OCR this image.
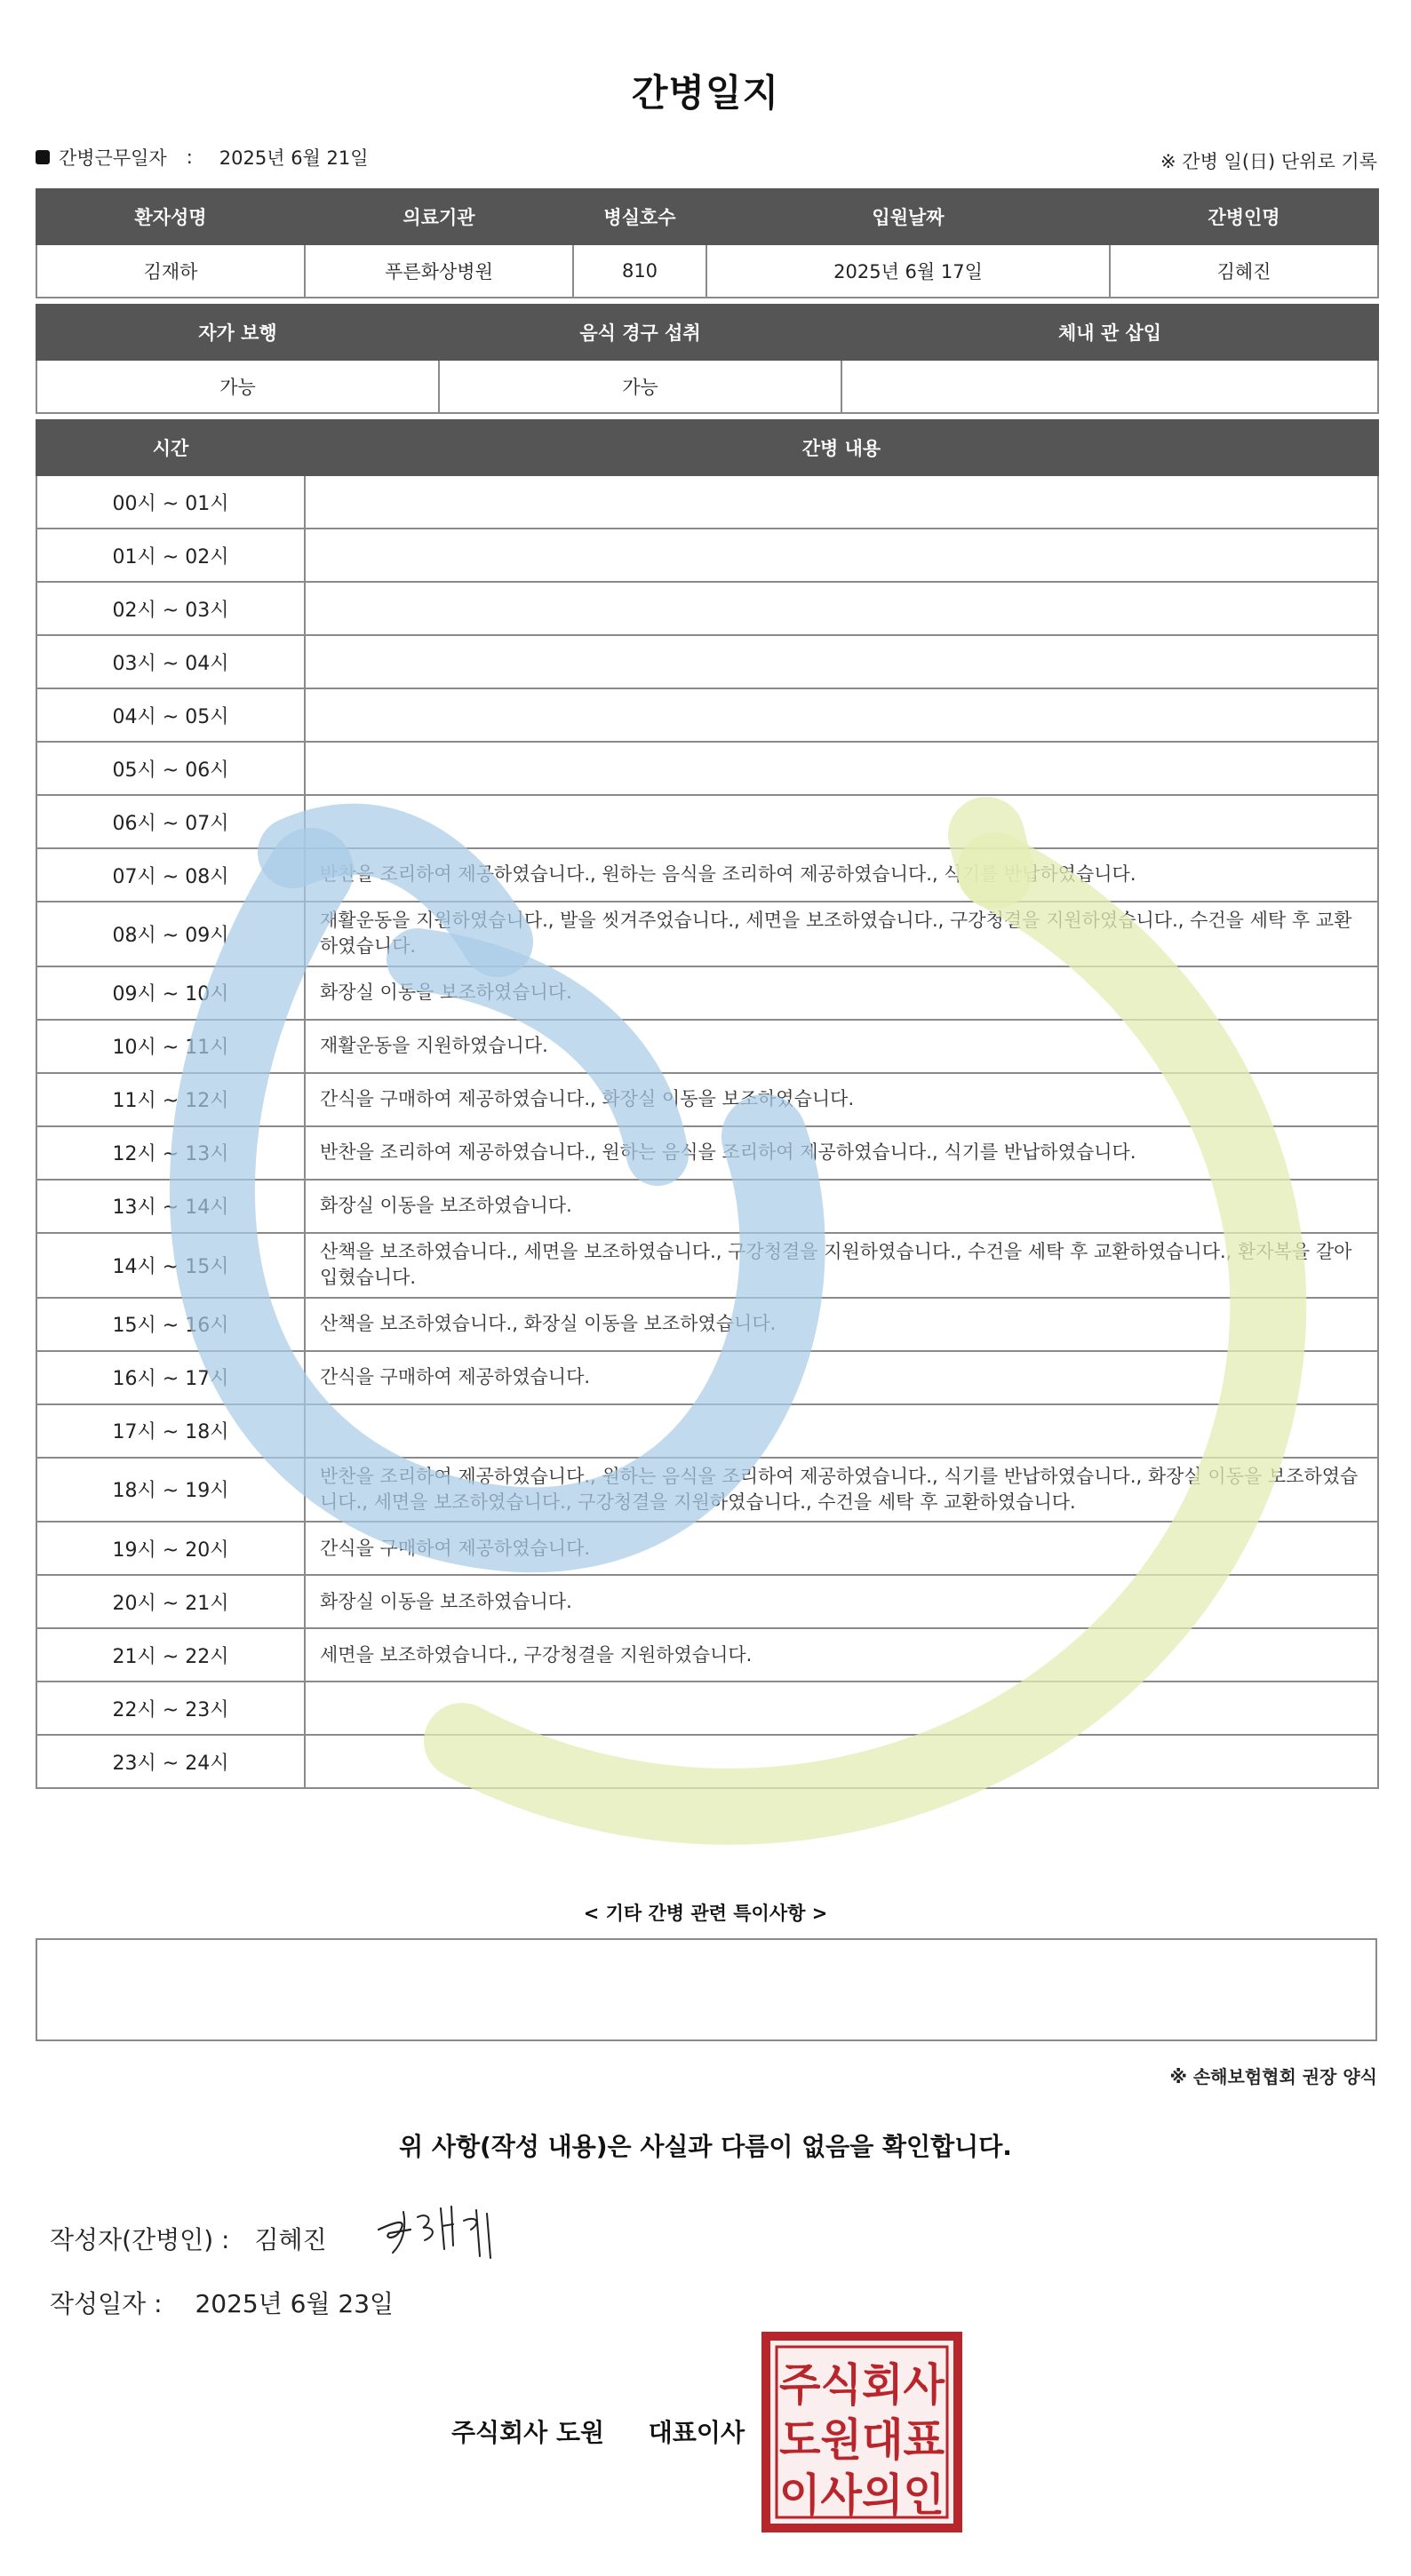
간병일지
간병근무일자 : 2025년 6월 21일	※ 간병 일(日) 단위로 기록
환자성명	의료기관	병실호수	입원날짜	간병인명
김재하	푸른화상병원	810	2025년 6월 17일	김혜진
자가 보행	음식 경구 섭취	체내 관 삽입
가능	가능	
시간	간병 내용
00시 ~ 01시	
01시 ~ 02시	
02시 ~ 03시	
03시 ~ 04시	
04시 ~ 05시	
05시 ~ 06시	
06시 ~ 07시	
07시 ~ 08시	반찬을 조리하여 제공하였습니다., 원하는 음식을 조리하여 제공하였습니다., 식기를 반납하였습니다.
08시 ~ 09시	재활운동을 지원하였습니다., 발을 씻겨주었습니다., 세면을 보조하였습니다., 구강청결을 지원하였습니다., 수건을 세탁 후 교환하였습니다.
09시 ~ 10시	화장실 이동을 보조하였습니다.
10시 ~ 11시	재활운동을 지원하였습니다.
11시 ~ 12시	간식을 구매하여 제공하였습니다., 화장실 이동을 보조하였습니다.
12시 ~ 13시	반찬을 조리하여 제공하였습니다., 원하는 음식을 조리하여 제공하였습니다., 식기를 반납하였습니다.
13시 ~ 14시	화장실 이동을 보조하였습니다.
14시 ~ 15시	산책을 보조하였습니다., 세면을 보조하였습니다., 구강청결을 지원하였습니다., 수건을 세탁 후 교환하였습니다., 환자복을 갈아입혔습니다.
15시 ~ 16시	산책을 보조하였습니다., 화장실 이동을 보조하였습니다.
16시 ~ 17시	간식을 구매하여 제공하였습니다.
17시 ~ 18시	
18시 ~ 19시	반찬을 조리하여 제공하였습니다., 원하는 음식을 조리하여 제공하였습니다., 식기를 반납하였습니다., 화장실 이동을 보조하였습니다., 세면을 보조하였습니다., 구강청결을 지원하였습니다., 수건을 세탁 후 교환하였습니다.
19시 ~ 20시	간식을 구매하여 제공하였습니다.
20시 ~ 21시	화장실 이동을 보조하였습니다.
21시 ~ 22시	세면을 보조하였습니다., 구강청결을 지원하였습니다.
22시 ~ 23시	
23시 ~ 24시	
< 기타 간병 관련 특이사항 >
※ 손해보험협회 권장 양식
위 사항(작성 내용)은 사실과 다름이 없음을 확인합니다.
작성자(간병인) : 김혜진
작성일자 : 2025년 6월 23일
주식회사 도원 대표이사
주식회사
도원대표
이사의인
